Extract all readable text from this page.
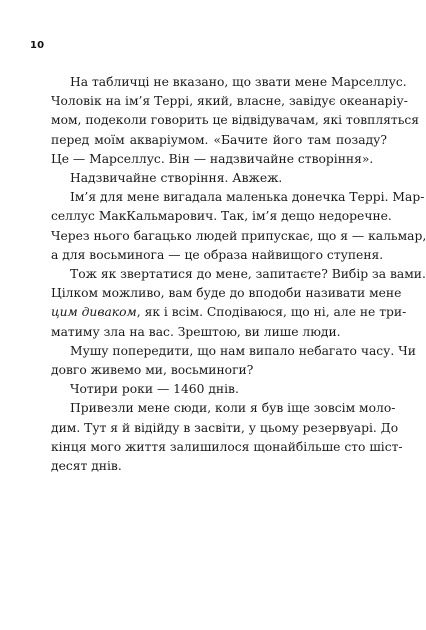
10
На табличці не вказано, що звати мене Марселлус.
Чоловік на ім’я Террі, який, власне, завідує океанаріу-
мом, подеколи говорить це відвідувачам, які товпляться
перед моїм акваріумом. «Бачите його там позаду?
Це — Марселлус. Він — надзвичайне створіння».
Надзвичайне створіння. Авжеж.
Ім’я для мене вигадала маленька донечка Террі. Мар-
селлус МакКальмарович. Так, ім’я дещо недоречне.
Через нього багацько людей припускає, що я — кальмар,
а для восьминога — це образа найвищого ступеня.
Тож як звертатися до мене, запитаєте? Вибір за вами.
Цілком можливо, вам буде до вподоби називати мене
цим дивакoм, як і всім. Сподіваюся, що ні, але не три-
матиму зла на вас. Зрештою, ви лише люди.
Мушу попередити, що нам випало небагато часу. Чи
довго живемо ми, восьминоги?
Чотири роки — 1460 днів.
Привезли мене сюди, коли я був іще зовсім моло-
дим. Тут я й відійду в засвіти, у цьому резервуарі. До
кінця мого життя залишилося щонайбільше сто шіст-
десят днів.
